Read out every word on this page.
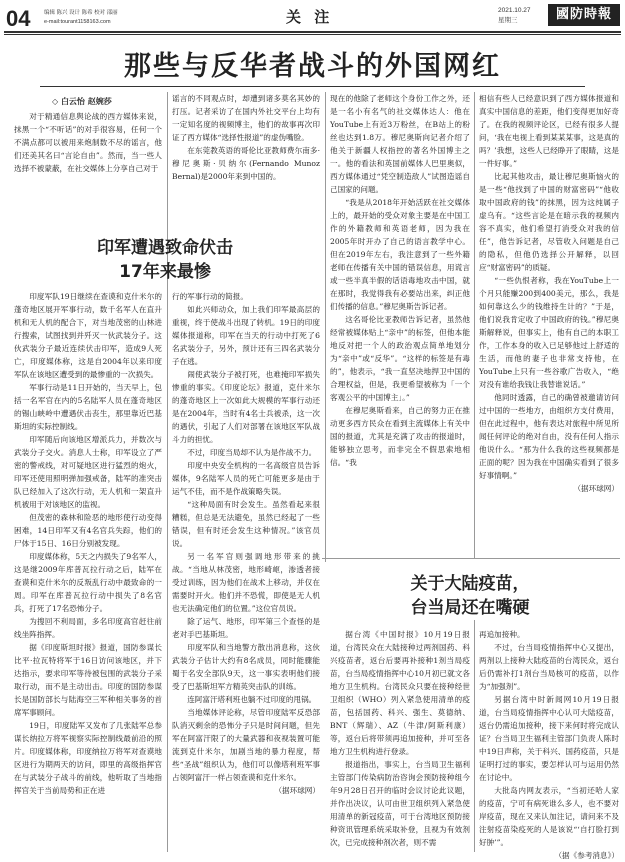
04 编辑 陈兴 设计 陈希 校对 邵丽
e-mail:tourant1158163.com	关 注	2021.10.27
星期三	國防時報
那些与反华者战斗的外国网红
◇ 白云怡 赵婉莎

对于精通信息舆论战的西方媒体来说，抹黑一个“不听话”的对手很容易，任何一个不满点都可以被用来炮制数不尽的谣言，他们还美其名曰“言论自由”。然而，当一些人选择不被蒙蔽，在社交媒体上分享自己对于

谣言的不同观点时，却遭到诸多莫名其妙的打压。记者采访了在国内外社交平台上均有一定知名度的视频博主，他们的故事再次印证了西方媒体“选择性报道”的虚伪嘴脸。

在东莞教英语的哥伦比亚教师费尔南多·穆尼奥斯·贝纳尔(Fernando Munoz Bernal)是2000年来到中国的。

现在的他除了老师这个身份工作之外，还是一名小有名气的社交媒体达人：他在YouTube上有近3万粉丝，在B站上的粉丝也达到1.8万。穆尼奥斯向记者介绍了他关于新疆人权指控的著名外国博主之一。他的看法和英国前媒体人巴里奥似，西方媒体通过“凭空制造敌人”试图造谣自己国家的问题。

“我是从2018年开始活跃在社交媒体上的，最开始的受众对象主要是在中国工作的外籍教师和英语老师，因为我在2005年时开办了自己的语言教学中心。但在2019年左右，我注意到了一些外籍老师在传播有关中国的错误信息，用谎言或一些半真半假的话语毒地攻击中国，就在那时，我觉得我有必要站出来，纠正他们传播的信息。”穆尼奥斯告诉记者。

这名哥伦比亚教师告诉记者，虽然他经常被媒体贴上“亲中”的标签，但他本能地反对把一个人的政治观点简单地划分为“亲中”或“反华”。“这样的标签是有毒的”，他表示，“我一直坚决地捍卫中国的合理权益，但是，我更希望被称为「一个客观公平的中国博主」。”

在穆尼奥斯看来，自己的努力正在推动更多西方民众在看到主流媒体上有关中国的报道，尤其是充满了攻击的报道时，能够独立思考，而非完全不假思索地相信。“我

相信有些人已经意识到了西方媒体报道和真实中国信息的差距，他们变得更加好奇了。在我的视频评论区，已经有很多人提问，‘我在电视上看到某某某事，这是真的吗？’我想，这些人已经睁开了眼睛，这是一件好事。”

比起其他攻击，最让穆尼奥斯恼火的是一些“他找到了中国的财富密码”“他收取中国政府的钱”的抹黑，因为这纯属子虚乌有。“这些言论是在暗示我的视频内容不真实，他们希望打消受众对我的信任”，他告诉记者，尽管收入问题是自己的隐私，但他仍选择公开解释，以回应“财富密码”的质疑。

“一些仇恨者称，我在YouTube上一个月只能赚200到400美元，那么，我是如何靠这么少的钱维持生计的？”于是，他们说我肯定收了中国政府的钱。”穆尼奥斯解释说，但事实上，他有自己的本职工作，工作本身的收入已足够他过上舒适的生活，而他的妻子也非常支持他，在YouTube上只有一些谷歌广告收入，“绝对没有谁给我钱让我替谁说话。”

他同时透露，自己的确曾被邀请访问过中国的一些地方，由组织方支付费用，但在此过程中，他有表达对旅程中所见所闻任何评论的绝对自由，没有任何人指示他说什么。“那为什么我的这些视频都是正面的呢？因为我在中国确实看到了很多好事情啊。”

（据环球网）

印军遭遇致命伏击
17年来最惨

印度军队19日继续在查谟和克什米尔的蓬奇地区展开军事行动，数千名军人在直升机和无人机的配合下，对当地茂密的山林进行搜索，试图找到并歼灭一伙武装分子。这伙武装分子最近连续伏击印军，造成9人死亡，印度媒体称，这是自2004年以来印度军队在该地区遭受到的最惨重的一次损失。

军事行动是11日开始的，当天早上，包括一名军官在内的5名陆军人员在蓬奇地区的锡山峡岭中遭遇伏击丧生，那里靠近巴基斯坦的实际控制线。

印军随后向该地区增派兵力，并数次与武装分子交火。消息人士称，印军设立了严密的警戒线，对可疑地区进行猛烈的炮火，印军还使用照明弹加强戒备，陆军的准突击队已经加入了这次行动，无人机和一架直升机被用于对该地区的监视。

但茂密的森林和险恶的地形使行动变得困难，14日印军又有4名官兵失踪，他们的尸体于15日、16日分别被发现。

印度媒体称，5天之内损失了9名军人，这是继2009年库普瓦拉行动之后，陆军在查谟和克什米尔的反叛乱行动中最致命的一周。印军在库普瓦拉行动中损失了8名官兵，打死了17名恐怖分子。

为搜回不利局面，多名印度高官赶往前线坐阵指挥。

据《印度斯坦时报》报道，国防参谋长比平·拉瓦特将军于16日访问该地区，并下达指示，要求印军等待被包围的武装分子采取行动，而不是主动出击。印度的国防参谋长是国防部长与陆海空三军种相关事务的首席军事顾问。

19日，印度陆军又发布了几张陆军总参谋长纳拉万将军视察实际控制线最前沿的照片。印度媒体称，印度纳拉万将军对查谟地区进行为期两天的访问，即里的高级指挥官在与武装分子战斗的前线，他听取了当地指挥官关于当前局势和正在进

行的军事行动的简报。

如此兴师动众，加上我们印军最高层的重视，终于使战斗出现了转机。19日的印度媒体报道称，印军在当天的行动中打死了6名武装分子，另外，预计还有三四名武装分子在逃。

闹使武装分子被打死，也难掩印军损失惨重的事实。《印度论坛》报道，克什米尔的蓬奇地区上一次如此大规模的军事行动还是在2004年，当时有4名士兵被杀，这一次的遇伏，引起了人们对部署在该地区军队战斗力的担忧。

不过，印度当局却不认为是作战不力。

印度中央安全机构的一名高级官员告诉媒体，9名陆军人员的死亡可能更多是由于运气不佳，而不是作战策略失误。

“这种局面有时会发生。虽然看起来很糟糕，但总是无法避免，虽然已经起了一些错误，但有时还会发生这种情况。”该官员说。

另一名军官则强调地形带来的挑战。“当地从林茂密，地形崎岖，渗透者接受过训练，因为他们在战术上移动，并仅在需要时开火。他们并不恐慌，即使是无人机也无法确定他们的位置。”这位官员说。

除了运气、地形，印军第三个查怪的是老对手巴基斯坦。

印度军队和当地警方散出消息称，这伙武装分子估计大约有8名成员，同时能骤能蜀于名安全部队9天，这一事实表明他们接受了巴基斯坦军方精英突击队的训练。

连阿富汗塔利班也躺不过印度的甩锅。

当地媒体评论称，尽管印度陆军反恐部队消灭剩余的恐怖分子只是时间问题，但先军在阿富汗限了的大量武器和夜视装置可能流到克什米尔，加剧当地的暴力程度，帮些“圣战”组织认为，他们可以像塔利班军事占领阿富汗一样占领查谟和克什米尔。

（据环球网）

关于大陆疫苗，
台当局还在嘴硬

据台湾《中国时报》10月19日报道，台湾民众在大陆接种过两剂国药、科兴疫苗者，返台后要再补接种1剂当局疫苗，台当局疫情指挥中心10月初已就文各地方卫生机构。台湾民众只要在接种经世卫组织（WHO）列入紧急使用清单的疫苗，包括国药、科兴、强生、莫德纳、BNT（辉瑞）、AZ（牛津/阿斯利康）等，返台后将带须再追加接种，并可至各地方卫生机构进行登录。

报道指出，事实上，台当局卫生福利主管部门传染病防治咨询会预防接种组今年9月28日召开的临时会议讨论此议题，并作出决议，认可由世卫组织列入紧急使用清单的新冠疫苗，可于台湾地区预防接种资讯管理系统采取补登，且视为有效剂次，已完成接种剂次者，则不需

再追加接种。

不过，台当局疫情指挥中心又提出，两剂以上接种大陆疫苗的台湾民众，返台后仍需补打1剂台当局核可的疫苗，以作为“加强剂”。

另据台湾中时新闻网10月19日报道，台当局疫情指挥中心认可大陆疫苗，返台仍需追加接种，接下来何时将完成认证？台当局卫生福利主管部门负责人陈时中19日声称，关于科兴、国药疫苗，只是证明打过的事实，要怎样认可与运用仍然在讨论中。

大批岛内网友表示，“当初还哈人家的疫苗，宁可有病死谁么多人，也不要对岸疫苗，现在又来认加注记，请问来不及注射疫苗染疫死的人是该说“‘自打脸打到好肿’”。

（据《参考消息》）
